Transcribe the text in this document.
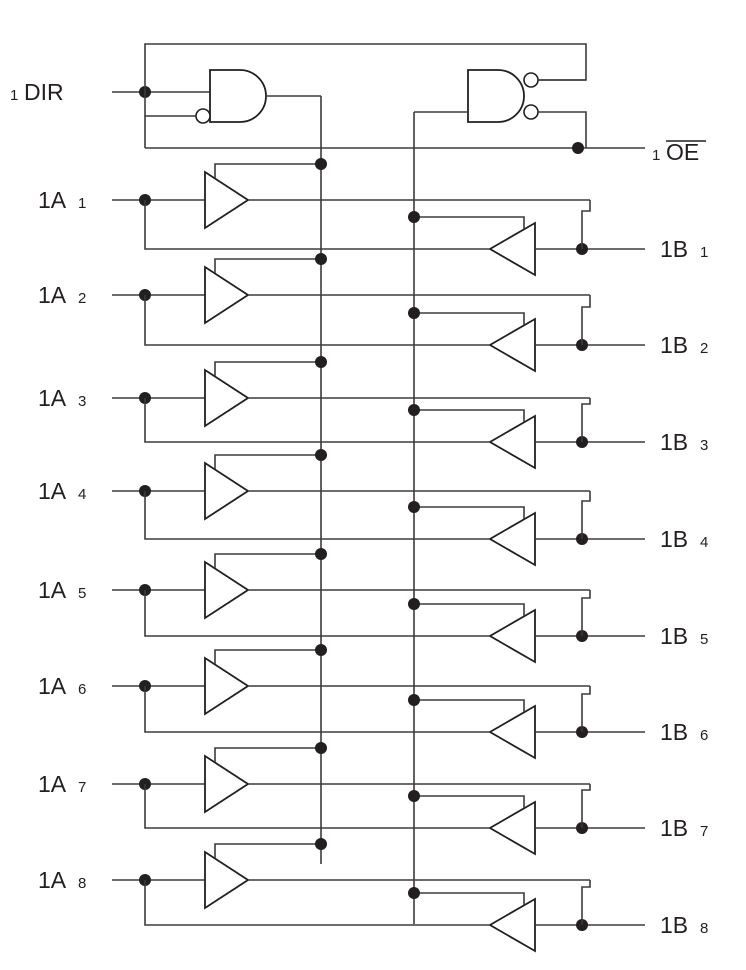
1 DIR
1 OE
1A 1
1A 2
1A 3
1A 4
1A 5
1A 6
1A 7
1A 8
1B 1
1B 2
1B 3
1B 4
1B 5
1B 6
1B 7
1B 8
